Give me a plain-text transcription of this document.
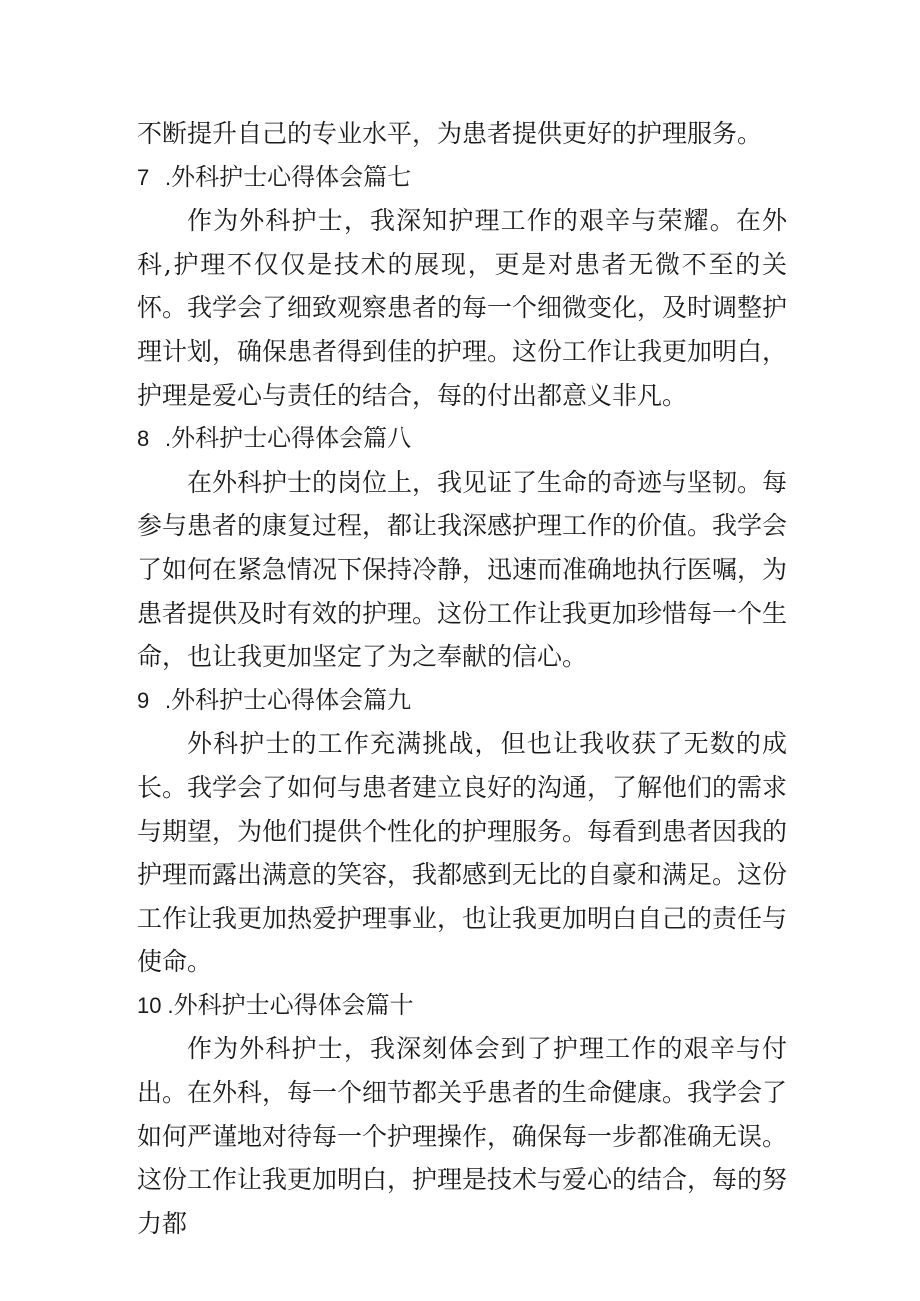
不断提升自己的专业水平，为患者提供更好的护理服务。

7 .外科护士心得体会篇七

作为外科护士，我深知护理工作的艰辛与荣耀。在外科,护理不仅仅是技术的展现，更是对患者无微不至的关怀。我学会了细致观察患者的每一个细微变化，及时调整护理计划，确保患者得到佳的护理。这份工作让我更加明白，护理是爱心与责任的结合，每的付出都意义非凡。

8 .外科护士心得体会篇八

在外科护士的岗位上，我见证了生命的奇迹与坚韧。每参与患者的康复过程，都让我深感护理工作的价值。我学会了如何在紧急情况下保持冷静，迅速而准确地执行医嘱，为患者提供及时有效的护理。这份工作让我更加珍惜每一个生命，也让我更加坚定了为之奉献的信心。

9 .外科护士心得体会篇九

外科护士的工作充满挑战，但也让我收获了无数的成长。我学会了如何与患者建立良好的沟通，了解他们的需求与期望，为他们提供个性化的护理服务。每看到患者因我的护理而露出满意的笑容，我都感到无比的自豪和满足。这份工作让我更加热爱护理事业，也让我更加明白自己的责任与使命。

10 .外科护士心得体会篇十

作为外科护士，我深刻体会到了护理工作的艰辛与付出。在外科，每一个细节都关乎患者的生命健康。我学会了如何严谨地对待每一个护理操作，确保每一步都准确无误。

这份工作让我更加明白，护理是技术与爱心的结合，每的努力都
